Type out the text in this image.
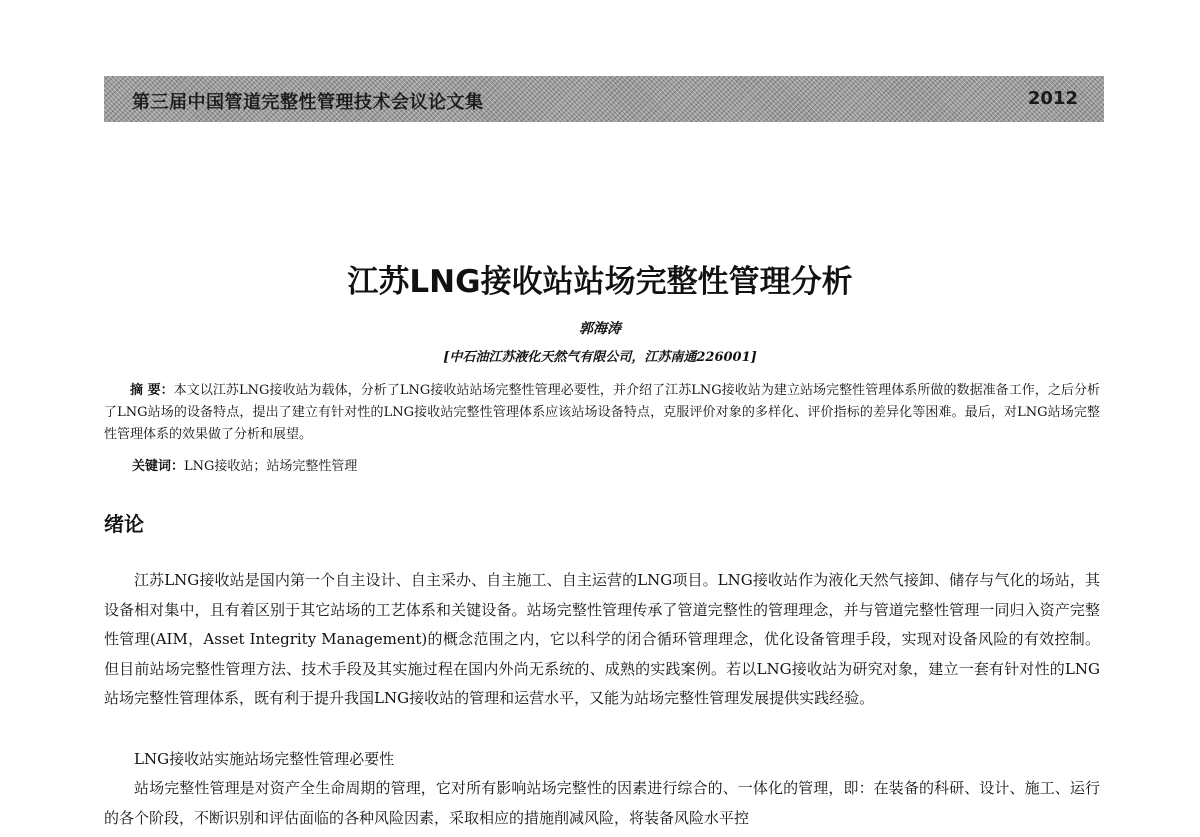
第三届中国管道完整性管理技术会议论文集	2012
江苏LNG接收站站场完整性管理分析
郭海涛
[中石油江苏液化天然气有限公司，江苏南通226001]

摘 要：本文以江苏LNG接收站为载体，分析了LNG接收站站场完整性管理必要性，并介绍了江苏LNG接收站为建立站场完整性管理体系所做的数据准备工作，之后分析了LNG站场的设备特点，提出了建立有针对性的LNG接收站完整性管理体系应该站场设备特点，克服评价对象的多样化、评价指标的差异化等困难。最后，对LNG站场完整性管理体系的效果做了分析和展望。

关键词：LNG接收站；站场完整性管理
绪论

江苏LNG接收站是国内第一个自主设计、自主采办、自主施工、自主运营的LNG项目。LNG接收站作为液化天然气接卸、储存与气化的场站，其设备相对集中，且有着区别于其它站场的工艺体系和关键设备。站场完整性管理传承了管道完整性的管理理念，并与管道完整性管理一同归入资产完整性管理(AIM，Asset Integrity Management)的概念范围之内，它以科学的闭合循环管理理念，优化设备管理手段，实现对设备风险的有效控制。但目前站场完整性管理方法、技术手段及其实施过程在国内外尚无系统的、成熟的实践案例。若以LNG接收站为研究对象，建立一套有针对性的LNG站场完整性管理体系，既有利于提升我国LNG接收站的管理和运营水平，又能为站场完整性管理发展提供实践经验。

LNG接收站实施站场完整性管理必要性

站场完整性管理是对资产全生命周期的管理，它对所有影响站场完整性的因素进行综合的、一体化的管理，即：在装备的科研、设计、施工、运行的各个阶段，不断识别和评估面临的各种风险因素，采取相应的措施削减风险，将装备风险水平控
